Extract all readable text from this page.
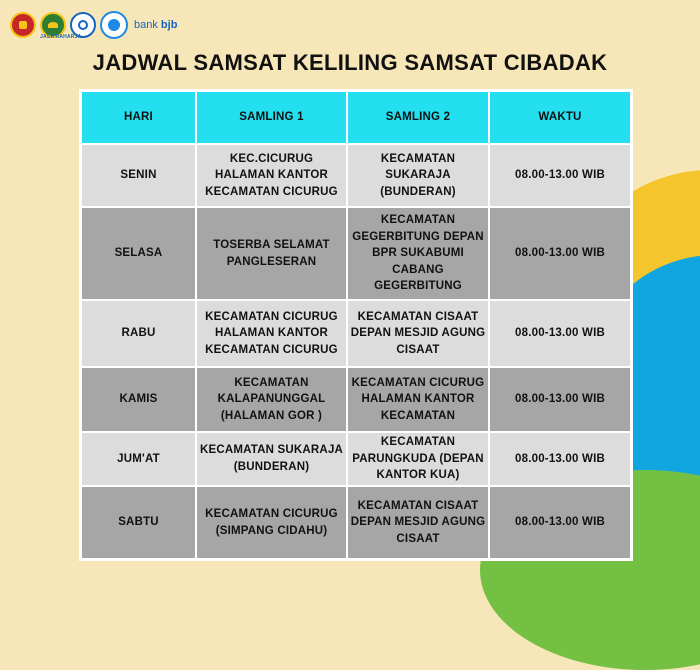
bank bjb
JASA RAHARJA
JADWAL SAMSAT KELILING SAMSAT CIBADAK
HARI	SAMLING 1	SAMLING 2	WAKTU
SENIN	KEC.CICURUG
HALAMAN KANTOR
KECAMATAN CICURUG	KECAMATAN
SUKARAJA
(BUNDERAN)	08.00-13.00 WIB
SELASA	TOSERBA SELAMAT
PANGLESERAN	KECAMATAN
GEGERBITUNG DEPAN
BPR SUKABUMI
CABANG
GEGERBITUNG	08.00-13.00 WIB
RABU	KECAMATAN CICURUG
HALAMAN KANTOR
KECAMATAN CICURUG	KECAMATAN CISAAT
DEPAN MESJID AGUNG
CISAAT	08.00-13.00 WIB
KAMIS	KECAMATAN
KALAPANUNGGAL
(HALAMAN GOR )	KECAMATAN CICURUG
HALAMAN KANTOR
KECAMATAN	08.00-13.00 WIB
JUM'AT	KECAMATAN SUKARAJA
(BUNDERAN)	KECAMATAN
PARUNGKUDA (DEPAN
KANTOR KUA)	08.00-13.00 WIB
SABTU	KECAMATAN CICURUG
(SIMPANG CIDAHU)	KECAMATAN CISAAT
DEPAN MESJID AGUNG
CISAAT	08.00-13.00 WIB
